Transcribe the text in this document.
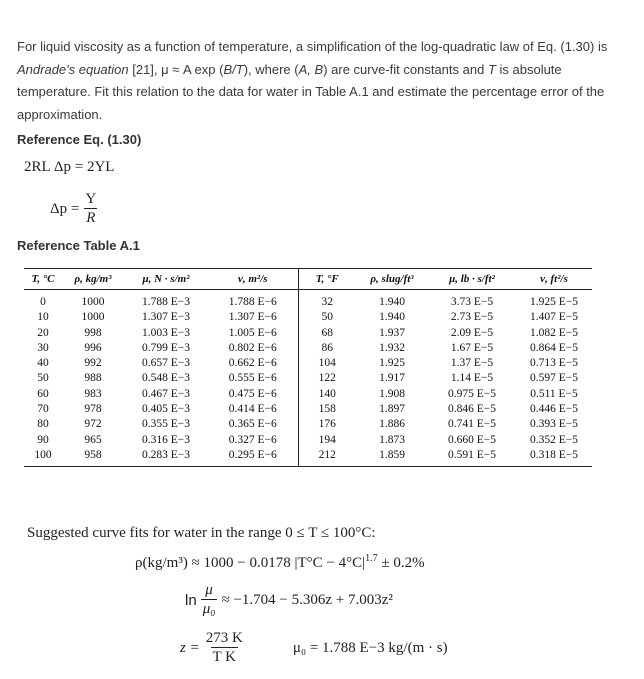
For liquid viscosity as a function of temperature, a simplification of the log-quadratic law of Eq. (1.30) is Andrade's equation [21], μ ≈ A exp (B/T), where (A, B) are curve-fit constants and T is absolute temperature. Fit this relation to the data for water in Table A.1 and estimate the percentage error of the approximation.
Reference Eq. (1.30)
2RL Δp = 2YL
$\Delta p = \frac{Y}{R}$
Reference Table A.1
T, °C	ρ, kg/m³	μ, N · s/m²	ν, m²/s	T, °F	ρ, slug/ft³	μ, lb · s/ft²	ν, ft²/s
0	1000	1.788 E−3	1.788 E−6	32	1.940	3.73 E−5	1.925 E−5
10	1000	1.307 E−3	1.307 E−6	50	1.940	2.73 E−5	1.407 E−5
20	998	1.003 E−3	1.005 E−6	68	1.937	2.09 E−5	1.082 E−5
30	996	0.799 E−3	0.802 E−6	86	1.932	1.67 E−5	0.864 E−5
40	992	0.657 E−3	0.662 E−6	104	1.925	1.37 E−5	0.713 E−5
50	988	0.548 E−3	0.555 E−6	122	1.917	1.14 E−5	0.597 E−5
60	983	0.467 E−3	0.475 E−6	140	1.908	0.975 E−5	0.511 E−5
70	978	0.405 E−3	0.414 E−6	158	1.897	0.846 E−5	0.446 E−5
80	972	0.355 E−3	0.365 E−6	176	1.886	0.741 E−5	0.393 E−5
90	965	0.316 E−3	0.327 E−6	194	1.873	0.660 E−5	0.352 E−5
100	958	0.283 E−3	0.295 E−6	212	1.859	0.591 E−5	0.318 E−5
Suggested curve fits for water in the range 0 ≤ T ≤ 100°C:
ρ(kg/m³) ≈ 1000 − 0.0178 $|T^\circ C - 4^\circ C|^{1.7} \pm 0.2\%$
$\ln \frac{\mu}{\text{μ₀}} \approx -1.704 - 5.306z + 7.003z^2$
$z = \frac{273 K}{\text{T K}}$	μ₀ = 1.788 E−3 kg/(m · s)
